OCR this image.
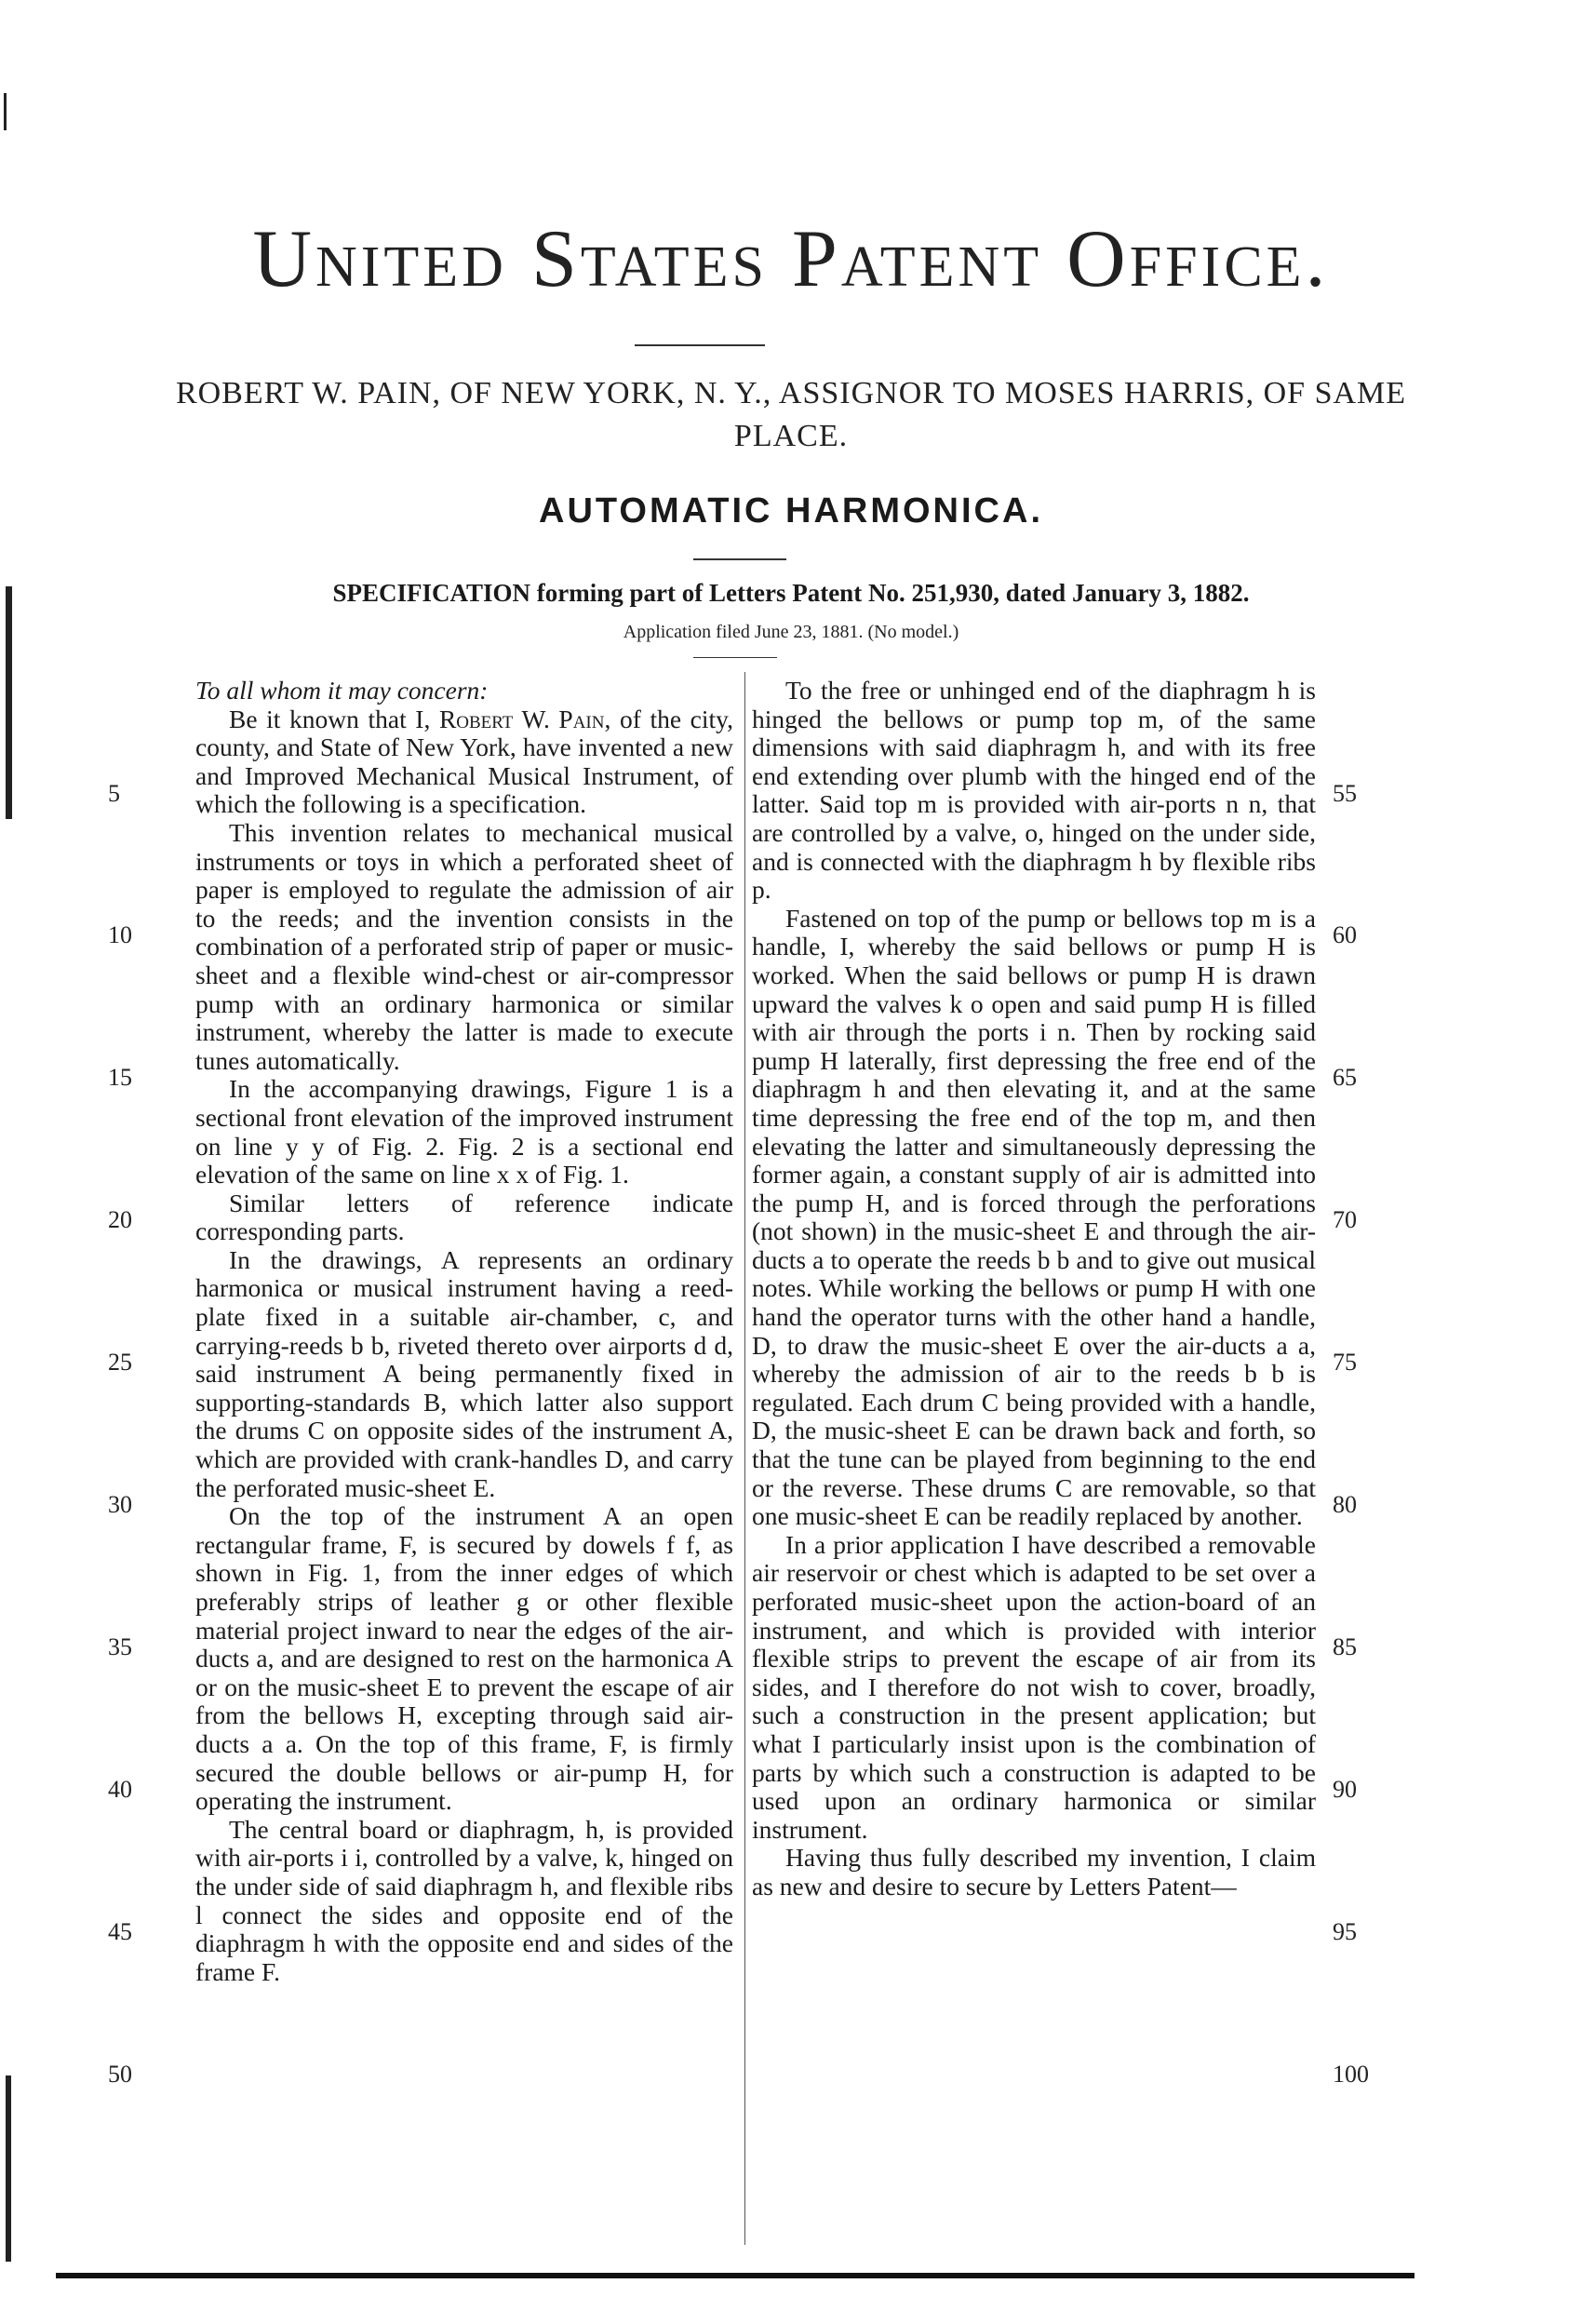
United States Patent Office.
ROBERT W. PAIN, OF NEW YORK, N. Y., ASSIGNOR TO MOSES HARRIS, OF SAME PLACE.
AUTOMATIC HARMONICA.
SPECIFICATION forming part of Letters Patent No. 251,930, dated January 3, 1882.
Application filed June 23, 1881. (No model.)

To all whom it may concern:

Be it known that I, Robert W. Pain, of the city, county, and State of New York, have invented a new and Improved Mechanical Musical Instrument, of which the following is a specification.

This invention relates to mechanical musical instruments or toys in which a perforated sheet of paper is employed to regulate the admission of air to the reeds; and the invention consists in the combination of a perforated strip of paper or music-sheet and a flexible wind-chest or air-compressor pump with an ordinary harmonica or similar instrument, whereby the latter is made to execute tunes automatically.

In the accompanying drawings, Figure 1 is a sectional front elevation of the improved instrument on line y y of Fig. 2. Fig. 2 is a sectional end elevation of the same on line x x of Fig. 1.

Similar letters of reference indicate corresponding parts.

In the drawings, A represents an ordinary harmonica or musical instrument having a reed-plate fixed in a suitable air-chamber, c, and carrying-reeds b b, riveted thereto over airports d d, said instrument A being permanently fixed in supporting-standards B, which latter also support the drums C on opposite sides of the instrument A, which are provided with crank-handles D, and carry the perforated music-sheet E.

On the top of the instrument A an open rectangular frame, F, is secured by dowels f f, as shown in Fig. 1, from the inner edges of which preferably strips of leather g or other flexible material project inward to near the edges of the air-ducts a, and are designed to rest on the harmonica A or on the music-sheet E to prevent the escape of air from the bellows H, excepting through said air-ducts a a. On the top of this frame, F, is firmly secured the double bellows or air-pump H, for operating the instrument.

The central board or diaphragm, h, is provided with air-ports i i, controlled by a valve, k, hinged on the under side of said diaphragm h, and flexible ribs l connect the sides and opposite end of the diaphragm h with the opposite end and sides of the frame F.

To the free or unhinged end of the diaphragm h is hinged the bellows or pump top m, of the same dimensions with said diaphragm h, and with its free end extending over plumb with the hinged end of the latter. Said top m is provided with air-ports n n, that are controlled by a valve, o, hinged on the under side, and is connected with the diaphragm h by flexible ribs p.

Fastened on top of the pump or bellows top m is a handle, I, whereby the said bellows or pump H is worked. When the said bellows or pump H is drawn upward the valves k o open and said pump H is filled with air through the ports i n. Then by rocking said pump H laterally, first depressing the free end of the diaphragm h and then elevating it, and at the same time depressing the free end of the top m, and then elevating the latter and simultaneously depressing the former again, a constant supply of air is admitted into the pump H, and is forced through the perforations (not shown) in the music-sheet E and through the air-ducts a to operate the reeds b b and to give out musical notes. While working the bellows or pump H with one hand the operator turns with the other hand a handle, D, to draw the music-sheet E over the air-ducts a a, whereby the admission of air to the reeds b b is regulated. Each drum C being provided with a handle, D, the music-sheet E can be drawn back and forth, so that the tune can be played from beginning to the end or the reverse. These drums C are removable, so that one music-sheet E can be readily replaced by another.

In a prior application I have described a removable air reservoir or chest which is adapted to be set over a perforated music-sheet upon the action-board of an instrument, and which is provided with interior flexible strips to prevent the escape of air from its sides, and I therefore do not wish to cover, broadly, such a construction in the present application; but what I particularly insist upon is the combination of parts by which such a construction is adapted to be used upon an ordinary harmonica or similar instrument.

Having thus fully described my invention, I claim as new and desire to secure by Letters Patent—

5
10
15
20
25
30
35
40
45
50
55
60
65
70
75
80
85
90
95
100
